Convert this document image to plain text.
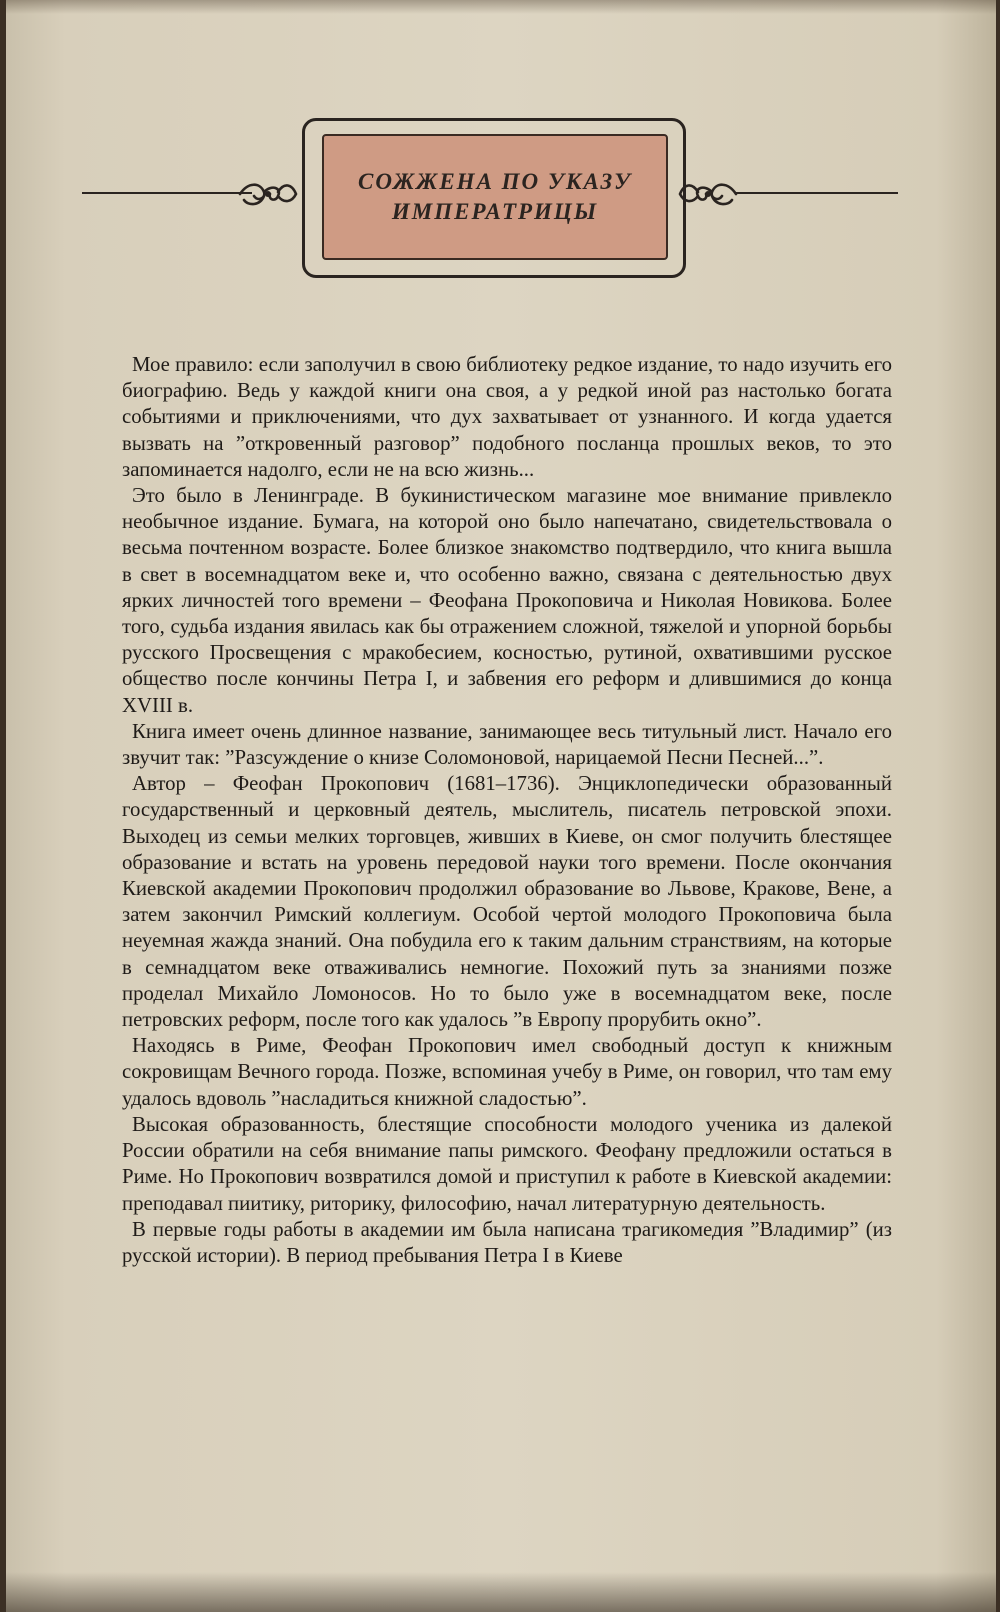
СОЖЖЕНА ПО УКАЗУ
ИМПЕРАТРИЦЫ

Мое правило: если заполучил в свою библиотеку редкое издание, то надо изучить его биографию. Ведь у каждой книги она своя, а у редкой иной раз настолько богата событиями и приключениями, что дух захватывает от узнанного. И когда удается вызвать на ”откровенный разговор” подобного посланца прошлых веков, то это запоминается надолго, если не на всю жизнь...

Это было в Ленинграде. В букинистическом магазине мое внимание привлекло необычное издание. Бумага, на которой оно было напечатано, свидетельствовала о весьма почтенном возрасте. Более близкое знакомство подтвердило, что книга вышла в свет в восемнадцатом веке и, что особенно важно, связана с деятельностью двух ярких личностей того времени – Феофана Прокоповича и Николая Новикова. Более того, судьба издания явилась как бы отражением сложной, тяжелой и упорной борьбы русского Просвещения с мракобесием, косностью, рутиной, охватившими русское общество после кончины Петра I, и забвения его реформ и длившимися до конца XVIII в.

Книга имеет очень длинное название, занимающее весь титульный лист. Начало его звучит так: ”Разсуждение о книзе Соломоновой, нарицаемой Песни Песней...”.

Автор – Феофан Прокопович (1681–1736). Энциклопедически образованный государственный и церковный деятель, мыслитель, писатель петровской эпохи. Выходец из семьи мелких торговцев, живших в Киеве, он смог получить блестящее образование и встать на уровень передовой науки того времени. После окончания Киевской академии Прокопович продолжил образование во Львове, Кракове, Вене, а затем закончил Римский коллегиум. Особой чертой молодого Прокоповича была неуемная жажда знаний. Она побудила его к таким дальним странствиям, на которые в семнадцатом веке отваживались немногие. Похожий путь за знаниями позже проделал Михайло Ломоносов. Но то было уже в восемнадцатом веке, после петровских реформ, после того как удалось ”в Европу прорубить окно”.

Находясь в Риме, Феофан Прокопович имел свободный доступ к книжным сокровищам Вечного города. Позже, вспоминая учебу в Риме, он говорил, что там ему удалось вдоволь ”насладиться книжной сладостью”.

Высокая образованность, блестящие способности молодого ученика из далекой России обратили на себя внимание папы римского. Феофану предложили остаться в Риме. Но Прокопович возвратился домой и приступил к работе в Киевской академии: преподавал пиитику, риторику, философию, начал литературную деятельность.

В первые годы работы в академии им была написана трагикомедия ”Владимир” (из русской истории). В период пребывания Петра I в Киеве
